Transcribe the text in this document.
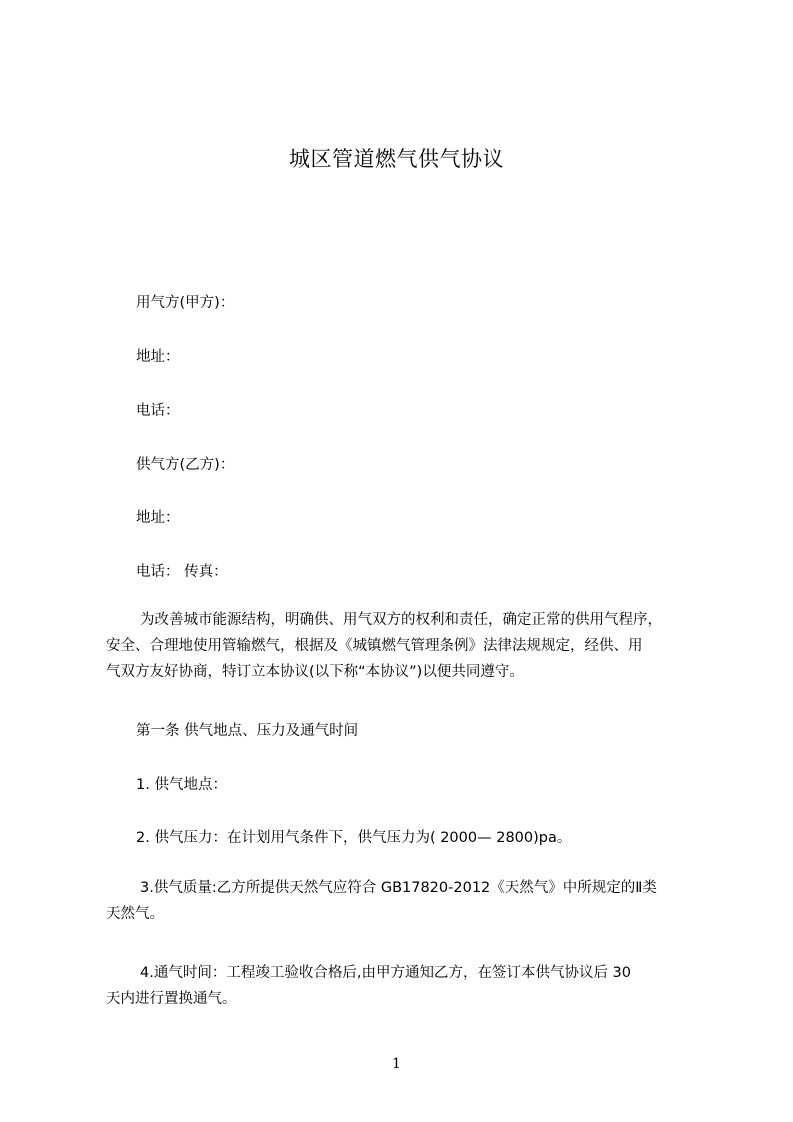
城区管道燃气供气协议
用气方(甲方)：
地址：
电话：
供气方(乙方)：
地址：
电话： 传真：
为改善城市能源结构，明确供、用气双方的权利和责任，确定正常的供用气程序，
安全、合理地使用管输燃气，根据及《城镇燃气管理条例》法律法规规定，经供、用
气双方友好协商，特订立本协议(以下称“本协议”)以便共同遵守。
第一条 供气地点、压力及通气时间
1. 供气地点：
2. 供气压力：在计划用气条件下，供气压力为( 2000— 2800)pa。
3.供气质量:乙方所提供天然气应符合 GB17820-2012《天然气》中所规定的Ⅱ类
天然气。
4.通气时间：工程竣工验收合格后,由甲方通知乙方，在签订本供气协议后 30
天内进行置换通气。
1
